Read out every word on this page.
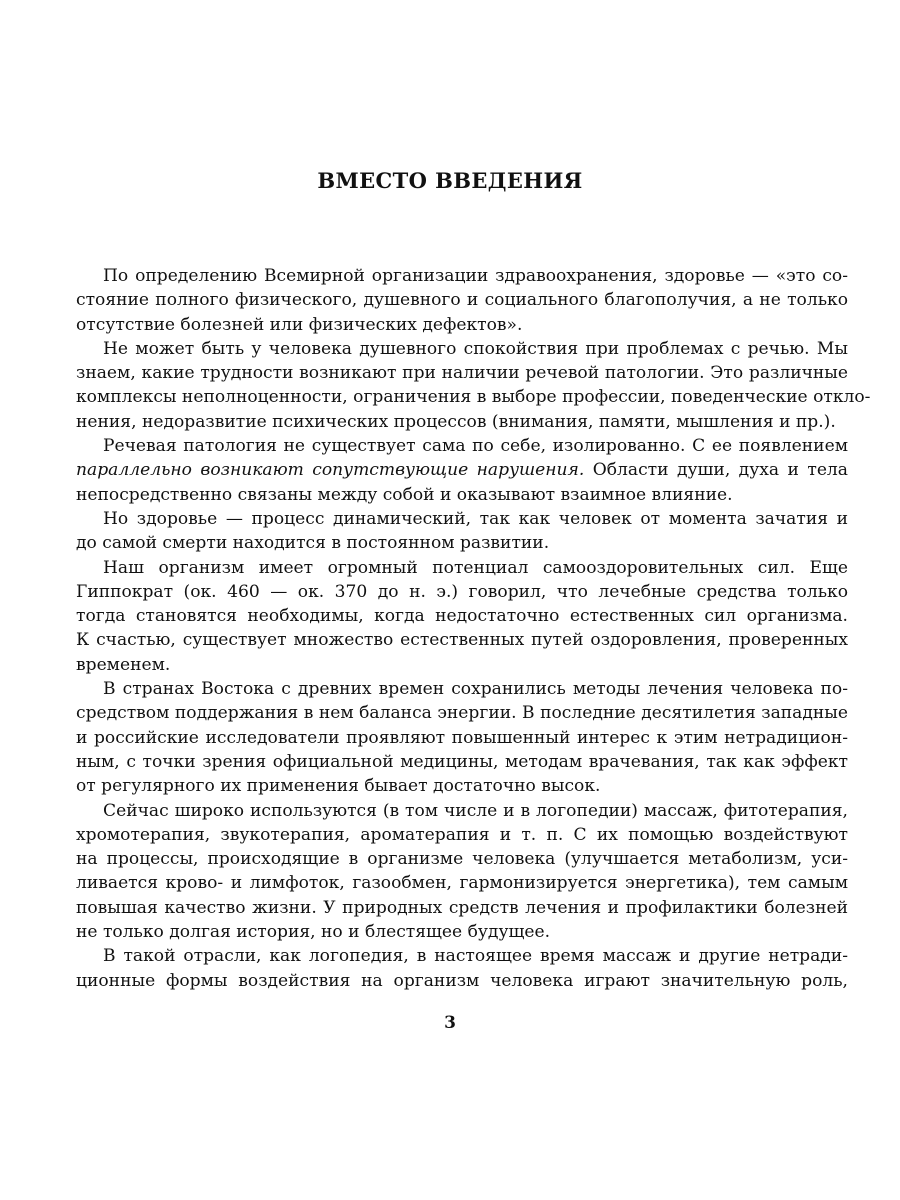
ВМЕСТО ВВЕДЕНИЯ

По определению Всемирной организации здравоохранения, здоровье — «это со-
стояние полного физического, душевного и социального благополучия, а не только
отсутствие болезней или физических дефектов».

Не может быть у человека душевного спокойствия при проблемах с речью. Мы
знаем, какие трудности возникают при наличии речевой патологии. Это различные
комплексы неполноценности, ограничения в выборе профессии, поведенческие откло-
нения, недоразвитие психических процессов (внимания, памяти, мышления и пр.).

Речевая патология не существует сама по себе, изолированно. С ее появлением
параллельно возникают сопутствующие нарушения. Области души, духа и тела
непосредственно связаны между собой и оказывают взаимное влияние.

Но здоровье — процесс динамический, так как человек от момента зачатия и
до самой смерти находится в постоянном развитии.

Наш организм имеет огромный потенциал самооздоровительных сил. Еще
Гиппократ (ок. 460 — ок. 370 до н. э.) говорил, что лечебные средства только
тогда становятся необходимы, когда недостаточно естественных сил организма.
К счастью, существует множество естественных путей оздоровления, проверенных
временем.

В странах Востока с древних времен сохранились методы лечения человека по-
средством поддержания в нем баланса энергии. В последние десятилетия западные
и российские исследователи проявляют повышенный интерес к этим нетрадицион-
ным, с точки зрения официальной медицины, методам врачевания, так как эффект
от регулярного их применения бывает достаточно высок.

Сейчас широко используются (в том числе и в логопедии) массаж, фитотерапия,
хромотерапия, звукотерапия, ароматерапия и т. п. С их помощью воздействуют
на процессы, происходящие в организме человека (улучшается метаболизм, уси-
ливается крово- и лимфоток, газообмен, гармонизируется энергетика), тем самым
повышая качество жизни. У природных средств лечения и профилактики болезней
не только долгая история, но и блестящее будущее.

В такой отрасли, как логопедия, в настоящее время массаж и другие нетради-
ционные формы воздействия на организм человека играют значительную роль,

3
